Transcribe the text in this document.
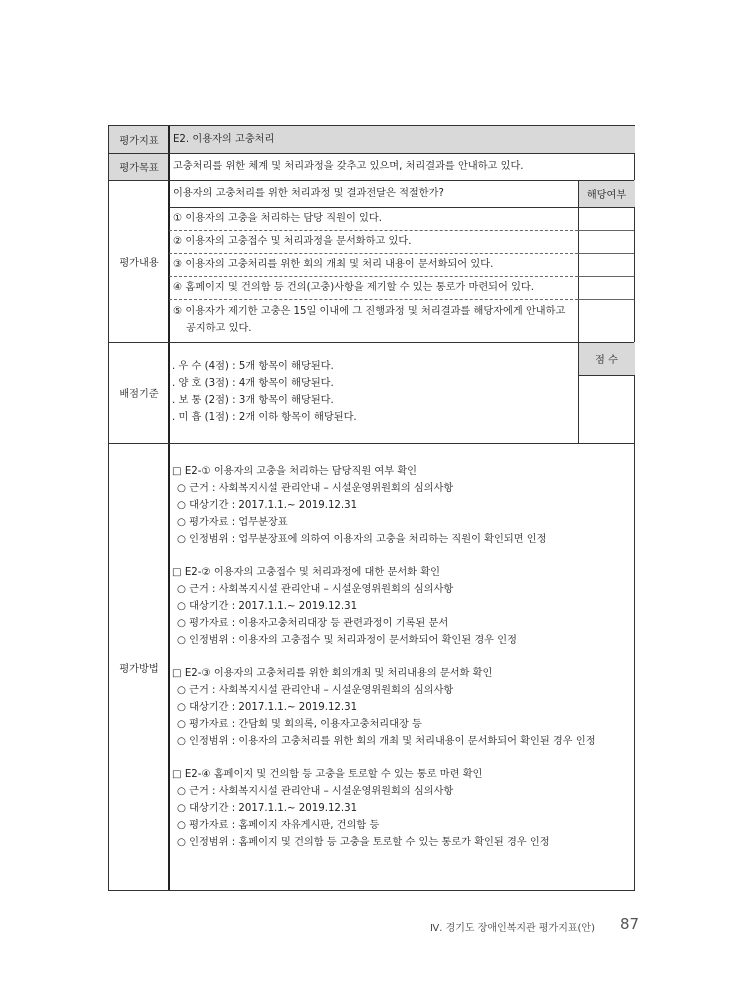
평가지표
평가목표
평가내용
배점기준
평가방법
해당여부
점 수
E2. 이용자의 고충처리
고충처리를 위한 체계 및 처리과정을 갖추고 있으며, 처리결과를 안내하고 있다.
이용자의 고충처리를 위한 처리과정 및 결과전달은 적절한가?
① 이용자의 고충을 처리하는 담당 직원이 있다.
② 이용자의 고충접수 및 처리과정을 문서화하고 있다.
③ 이용자의 고충처리를 위한 회의 개최 및 처리 내용이 문서화되어 있다.
④ 홈페이지 및 건의함 등 건의(고충)사항을 제기할 수 있는 통로가 마련되어 있다.
⑤ 이용자가 제기한 고충은 15일 이내에 그 진행과정 및 처리결과를 해당자에게 안내하고
공지하고 있다.
. 우 수 (4점) : 5개 항목이 해당된다.
. 양 호 (3점) : 4개 항목이 해당된다.
. 보 통 (2점) : 3개 항목이 해당된다.
. 미 흡 (1점) : 2개 이하 항목이 해당된다.
□ E2-① 이용자의 고충을 처리하는 담당직원 여부 확인
○ 근거 : 사회복지시설 관리안내 – 시설운영위원회의 심의사항
○ 대상기간 : 2017.1.1.~ 2019.12.31
○ 평가자료 : 업무분장표
○ 인정범위 : 업무분장표에 의하여 이용자의 고충을 처리하는 직원이 확인되면 인정
□ E2-② 이용자의 고충접수 및 처리과정에 대한 문서화 확인
○ 근거 : 사회복지시설 관리안내 – 시설운영위원회의 심의사항
○ 대상기간 : 2017.1.1.~ 2019.12.31
○ 평가자료 : 이용자고충처리대장 등 관련과정이 기록된 문서
○ 인정범위 : 이용자의 고충접수 및 처리과정이 문서화되어 확인된 경우 인정
□ E2-③ 이용자의 고충처리를 위한 회의개최 및 처리내용의 문서화 확인
○ 근거 : 사회복지시설 관리안내 – 시설운영위원회의 심의사항
○ 대상기간 : 2017.1.1.~ 2019.12.31
○ 평가자료 : 간담회 및 회의록, 이용자고충처리대장 등
○ 인정범위 : 이용자의 고충처리를 위한 회의 개최 및 처리내용이 문서화되어 확인된 경우 인정
□ E2-④ 홈페이지 및 건의함 등 고충을 토로할 수 있는 통로 마련 확인
○ 근거 : 사회복지시설 관리안내 – 시설운영위원회의 심의사항
○ 대상기간 : 2017.1.1.~ 2019.12.31
○ 평가자료 : 홈페이지 자유게시판, 건의함 등
○ 인정범위 : 홈페이지 및 건의함 등 고충을 토로할 수 있는 통로가 확인된 경우 인정
Ⅳ. 경기도 장애인복지관 평가지표(안) 87
